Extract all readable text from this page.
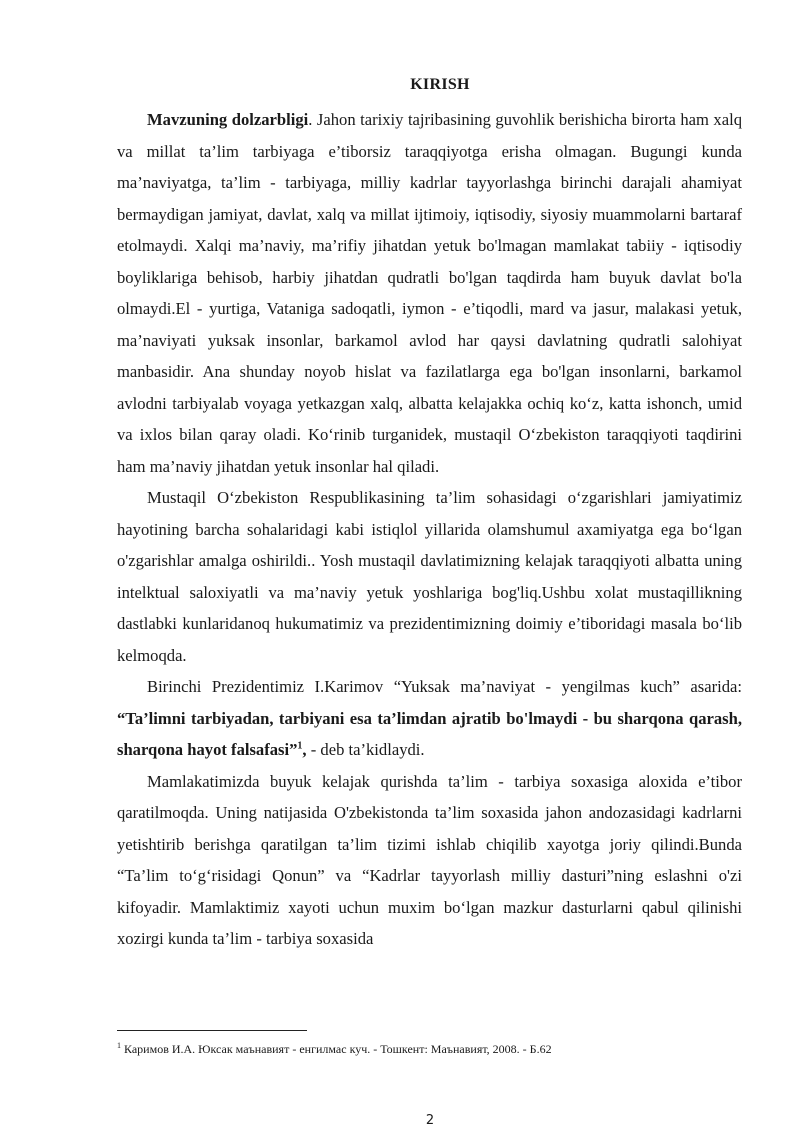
KIRISH

Mavzuning dolzarbligi. Jahon tarixiy tajribasining guvohlik berishicha birorta ham xalq va millat ta’lim tarbiyaga e’tiborsiz taraqqiyotga erisha olmagan. Bugungi kunda ma’naviyatga, ta’lim - tarbiyaga, milliy kadrlar tayyorlashga birinchi darajali ahamiyat bermaydigan jamiyat, davlat, xalq va millat ijtimoiy, iqtisodiy, siyosiy muammolarni bartaraf etolmaydi. Xalqi ma’naviy, ma’rifiy jihatdan yetuk bo'lmagan mamlakat tabiiy - iqtisodiy boyliklariga behisob, harbiy jihatdan qudratli bo'lgan taqdirda ham buyuk davlat bo'la olmaydi.El - yurtiga, Vataniga sadoqatli, iymon - e’tiqodli, mard va jasur, malakasi yetuk, ma’naviyati yuksak insonlar, barkamol avlod har qaysi davlatning qudratli salohiyat manbasidir. Ana shunday noyob hislat va fazilatlarga ega bo'lgan insonlarni, barkamol avlodni tarbiyalab voyaga yetkazgan xalq, albatta kelajakka ochiq ko‘z, katta ishonch, umid va ixlos bilan qaray oladi. Ko‘rinib turganidek, mustaqil O‘zbekiston taraqqiyoti taqdirini ham ma’naviy jihatdan yetuk insonlar hal qiladi.

Mustaqil O‘zbekiston Respublikasining ta’lim sohasidagi o‘zgarishlari jamiyatimiz hayotining barcha sohalaridagi kabi istiqlol yillarida olamshumul axamiyatga ega bo‘lgan o'zgarishlar amalga oshirildi.. Yosh mustaqil davlatimizning kelajak taraqqiyoti albatta uning intelktual saloxiyatli va ma’naviy yetuk yoshlariga bog'liq.Ushbu xolat mustaqillikning dastlabki kunlaridanoq hukumatimiz va prezidentimizning doimiy e’tiboridagi masala bo‘lib kelmoqda.

Birinchi Prezidentimiz I.Karimov “Yuksak ma’naviyat - yengilmas kuch” asarida: “Ta’limni tarbiyadan, tarbiyani esa ta’limdan ajratib bo'lmaydi - bu sharqona qarash, sharqona hayot falsafasi”$^1$, - deb ta’kidlaydi.

Mamlakatimizda buyuk kelajak qurishda ta’lim - tarbiya soxasiga aloxida e’tibor qaratilmoqda. Uning natijasida O'zbekistonda ta’lim soxasida jahon andozasidagi kadrlarni yetishtirib berishga qaratilgan ta’lim tizimi ishlab chiqilib xayotga joriy qilindi.Bunda “Ta’lim to‘g‘risidagi Qonun” va “Kadrlar tayyorlash milliy dasturi”ning eslashni o'zi kifoyadir. Mamlaktimiz xayoti uchun muxim bo‘lgan mazkur dasturlarni qabul qilinishi xozirgi kunda ta’lim - tarbiya soxasida

$^1$ Каримов И.А. Юксак маънавият - енгилмас куч. - Тошкент: Маънавият, 2008. - Б.62
2
